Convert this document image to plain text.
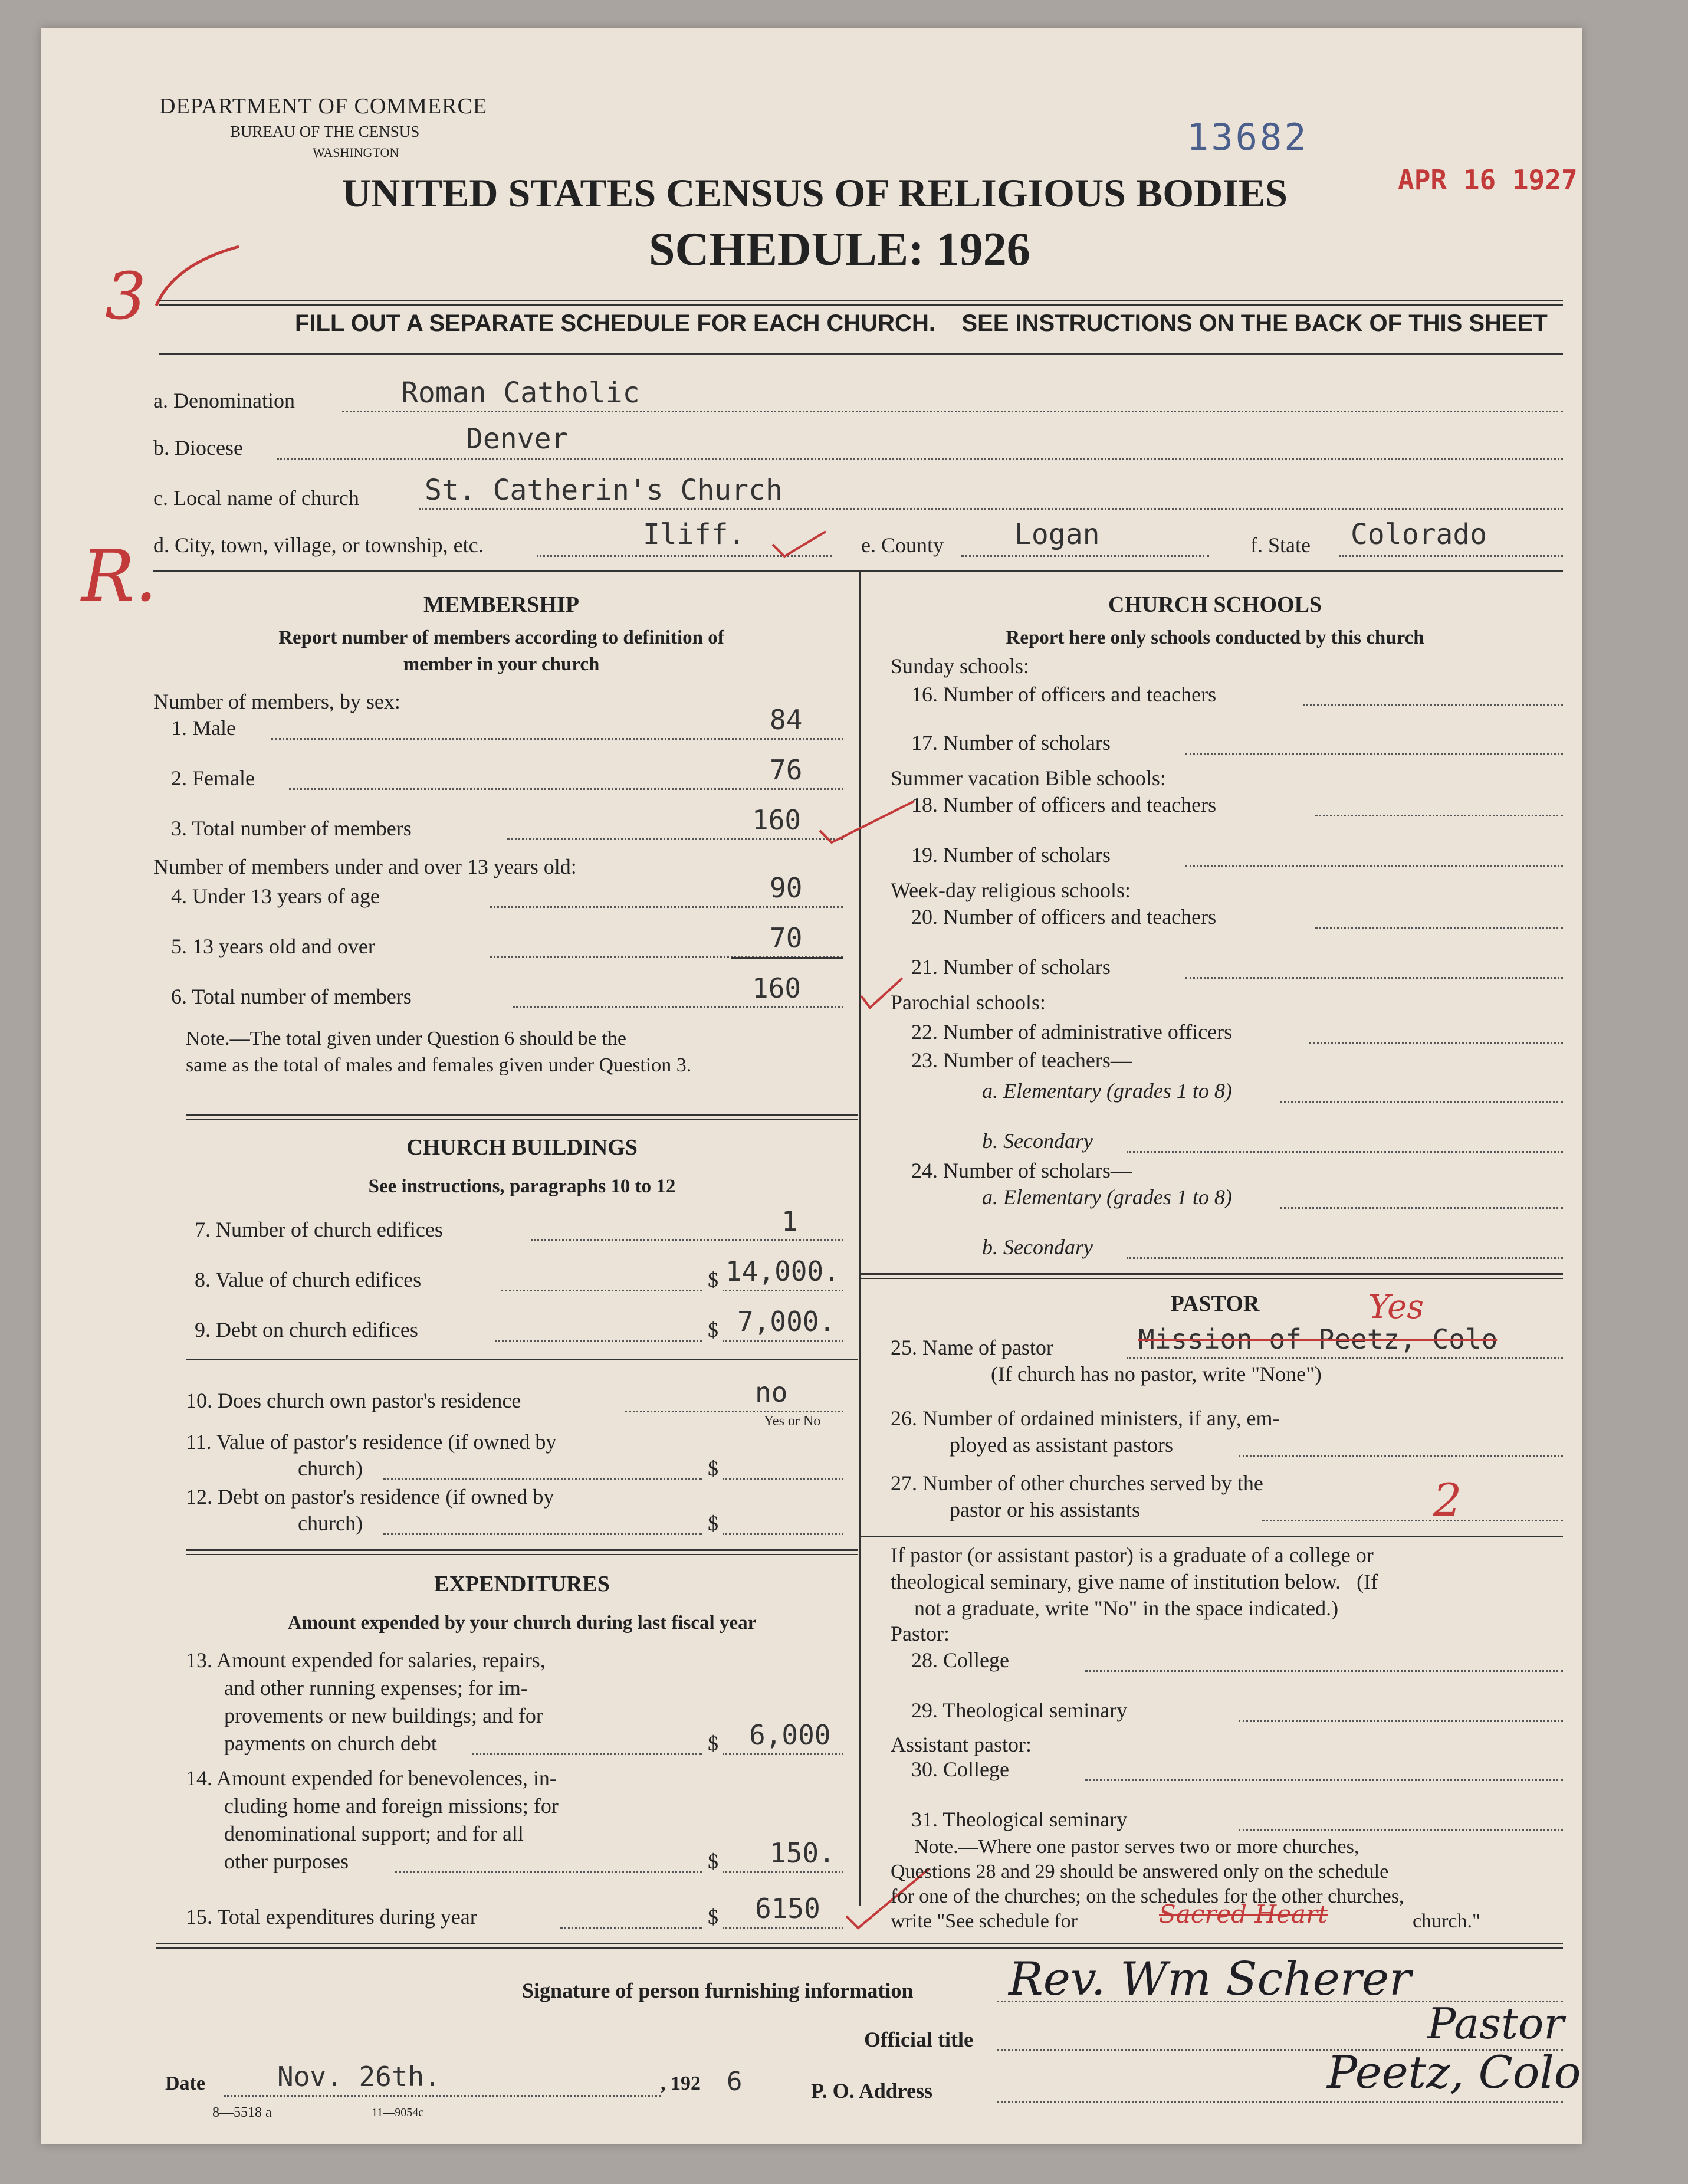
DEPARTMENT OF COMMERCE
BUREAU OF THE CENSUS
WASHINGTON
UNITED STATES CENSUS OF RELIGIOUS BODIES
SCHEDULE: 1926
13682
APR 16 1927
3
R.
FILL OUT A SEPARATE SCHEDULE FOR EACH CHURCH.    SEE INSTRUCTIONS ON THE BACK OF THIS SHEET
a. Denomination	Roman Catholic
b. Diocese	Denver
c. Local name of church St. Catherin's Church
d. City, town, village, or township, etc.	Iliff.	e. County	Logan	f. State Colorado
MEMBERSHIP
Report number of members according to definition of
member in your church
Number of members, by sex:
1. Male	84
2. Female	76
3. Total number of members	160
Number of members under and over 13 years old:
4. Under 13 years of age	90
5. 13 years old and over	70
6. Total number of members	160
Note.—The total given under Question 6 should be the
same as the total of males and females given under Question 3.
CHURCH BUILDINGS
See instructions, paragraphs 10 to 12
7. Number of church edifices	1
8. Value of church edifices	$ 14,000.
9. Debt on church edifices	$ 7,000.
10. Does church own pastor's residence	no
Yes or No
11. Value of pastor's residence (if owned by
church)	$
12. Debt on pastor's residence (if owned by
church)	$
EXPENDITURES
Amount expended by your church during last fiscal year
13. Amount expended for salaries, repairs,
and other running expenses; for im-
provements or new buildings; and for
payments on church debt	$ 6,000
14. Amount expended for benevolences, in-
cluding home and foreign missions; for
denominational support; and for all
other purposes	$ 150.
15. Total expenditures during year	$ 6150
CHURCH SCHOOLS
Report here only schools conducted by this church
Sunday schools:
16. Number of officers and teachers
17. Number of scholars
Summer vacation Bible schools:
18. Number of officers and teachers
19. Number of scholars
Week-day religious schools:
20. Number of officers and teachers
21. Number of scholars
Parochial schools:
22. Number of administrative officers
23. Number of teachers—
a. Elementary (grades 1 to 8)
b. Secondary
24. Number of scholars—
a. Elementary (grades 1 to 8)
b. Secondary
PASTOR
25. Name of pastor	Mission of Peetz, Colo
Yes
(If church has no pastor, write "None")
26. Number of ordained ministers, if any, em-
ployed as assistant pastors
27. Number of other churches served by the
pastor or his assistants	2
If pastor (or assistant pastor) is a graduate of a college or
theological seminary, give name of institution below.   (If
not a graduate, write "No" in the space indicated.)
Pastor:
28. College
29. Theological seminary
Assistant pastor:
30. College
31. Theological seminary
Note.—Where one pastor serves two or more churches,
Questions 28 and 29 should be answered only on the schedule
for one of the churches; on the schedules for the other churches,
write "See schedule for	Sacred Heart	church."
Signature of person furnishing information Rev. Wm Scherer
Official title	Pastor
Date	Nov. 26th.	, 192 6	P. O. Address	Peetz, Colo
8—5518 a	11—9054c
